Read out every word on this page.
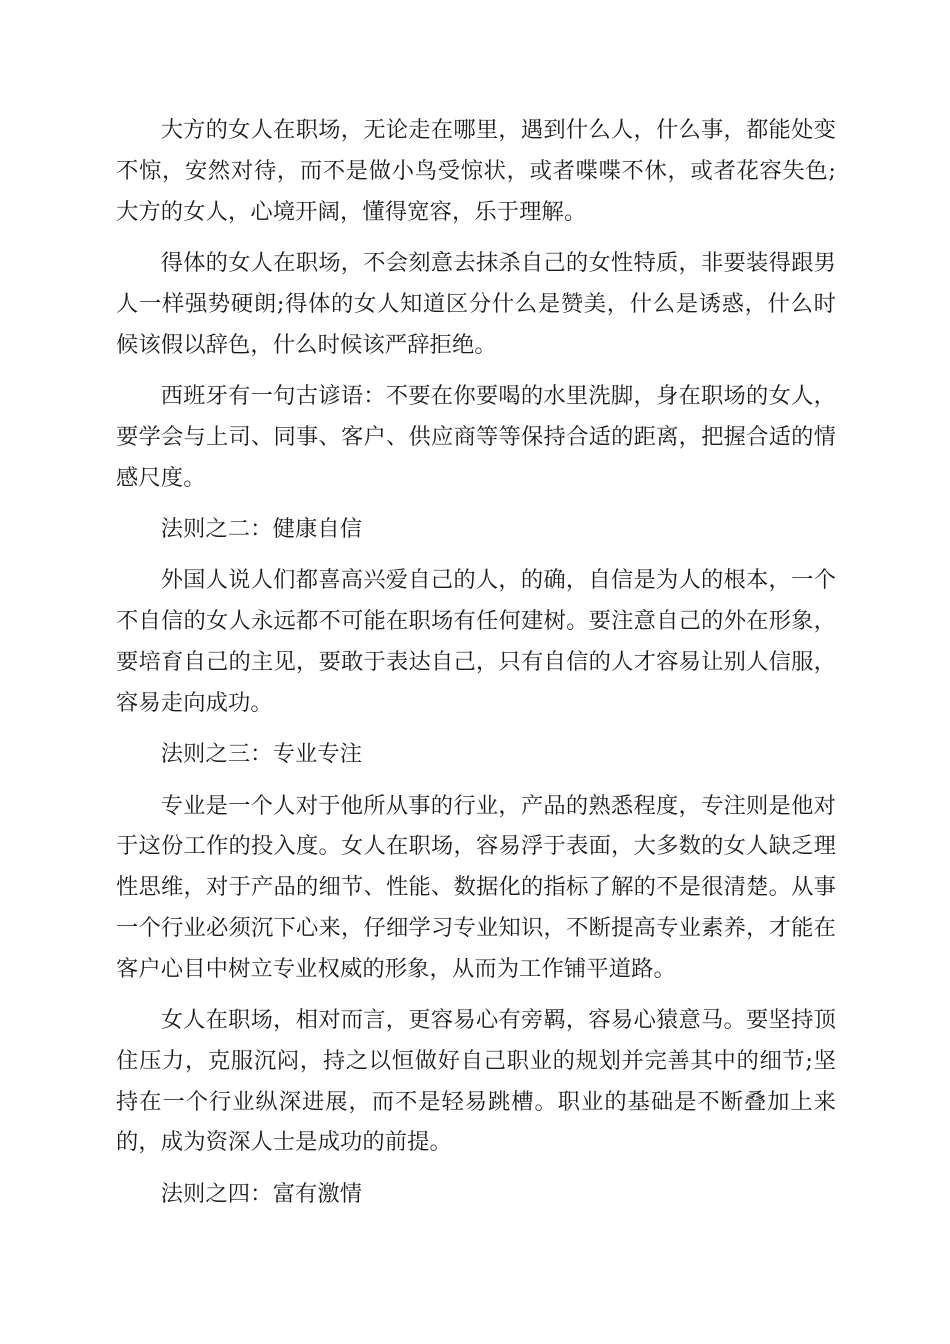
大方的女人在职场，无论走在哪里，遇到什么人，什么事，都能处变不惊，安然对待，而不是做小鸟受惊状，或者喋喋不休，或者花容失色;大方的女人，心境开阔，懂得宽容，乐于理解。

得体的女人在职场，不会刻意去抹杀自己的女性特质，非要装得跟男人一样强势硬朗;得体的女人知道区分什么是赞美，什么是诱惑，什么时候该假以辞色，什么时候该严辞拒绝。

西班牙有一句古谚语：不要在你要喝的水里洗脚，身在职场的女人，要学会与上司、同事、客户、供应商等等保持合适的距离，把握合适的情感尺度。

法则之二：健康自信

外国人说人们都喜高兴爱自己的人，的确，自信是为人的根本，一个不自信的女人永远都不可能在职场有任何建树。要注意自己的外在形象，要培育自己的主见，要敢于表达自己，只有自信的人才容易让别人信服，容易走向成功。

法则之三：专业专注

专业是一个人对于他所从事的行业，产品的熟悉程度，专注则是他对于这份工作的投入度。女人在职场，容易浮于表面，大多数的女人缺乏理性思维，对于产品的细节、性能、数据化的指标了解的不是很清楚。从事一个行业必须沉下心来，仔细学习专业知识，不断提高专业素养，才能在客户心目中树立专业权威的形象，从而为工作铺平道路。

女人在职场，相对而言，更容易心有旁羁，容易心猿意马。要坚持顶住压力，克服沉闷，持之以恒做好自己职业的规划并完善其中的细节;坚持在一个行业纵深进展，而不是轻易跳槽。职业的基础是不断叠加上来的，成为资深人士是成功的前提。

法则之四：富有激情
